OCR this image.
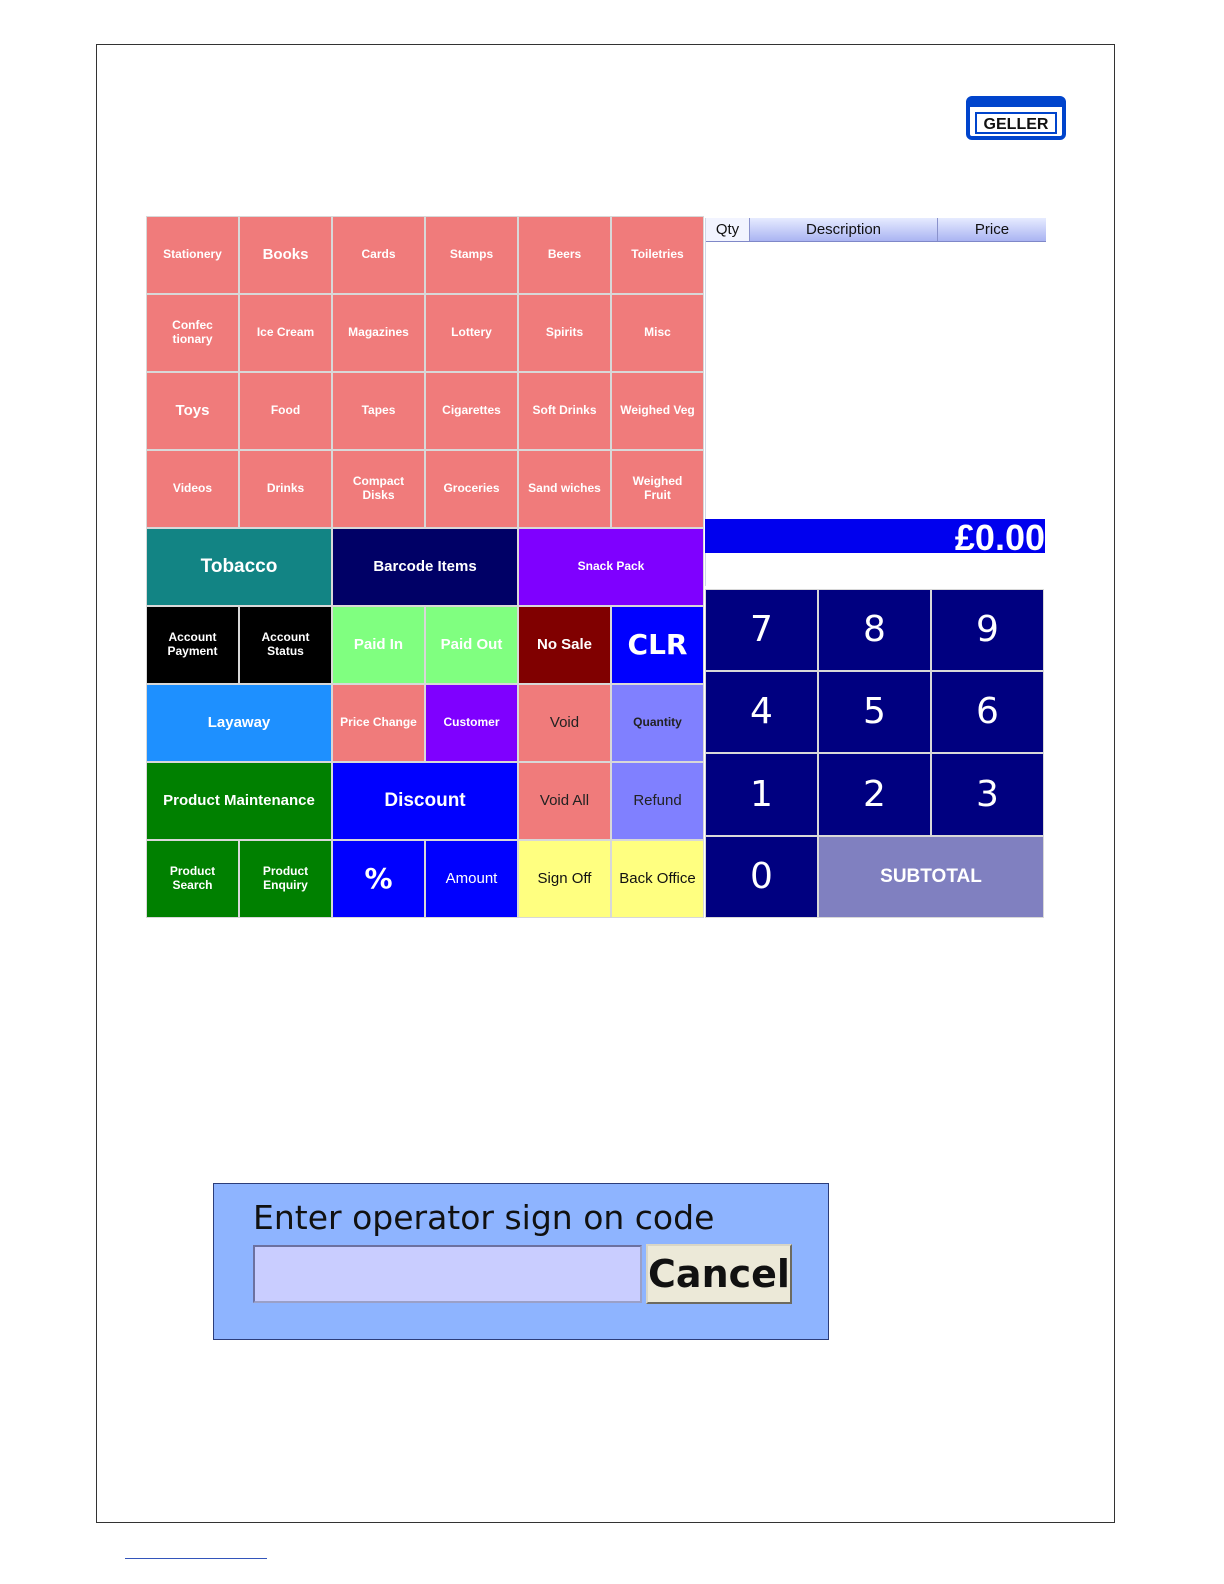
GELLER
Stationery	Books	Cards	Stamps	Beers	Toiletries
Confec
tionary	Ice Cream	Magazines	Lottery	Spirits	Misc
Toys	Food	Tapes	Cigarettes	Soft Drinks	Weighed Veg
Videos	Drinks	Compact
Disks	Groceries	Sand wiches	Weighed
Fruit
Tobacco	Barcode Items	Snack Pack
Account
Payment
Account
Status	Paid In	Paid Out	No Sale	CLR
Layaway	Price Change	Customer	Void	Quantity
Product Maintenance	Discount	Void All	Refund
Product
Search
Product
Enquiry	%	Amount	Sign Off	Back Office
7	8	9
4	5	6
1	2	3
0	SUBTOTAL
Qty	Description	Price
£0.00
Enter operator sign on code
Cancel
